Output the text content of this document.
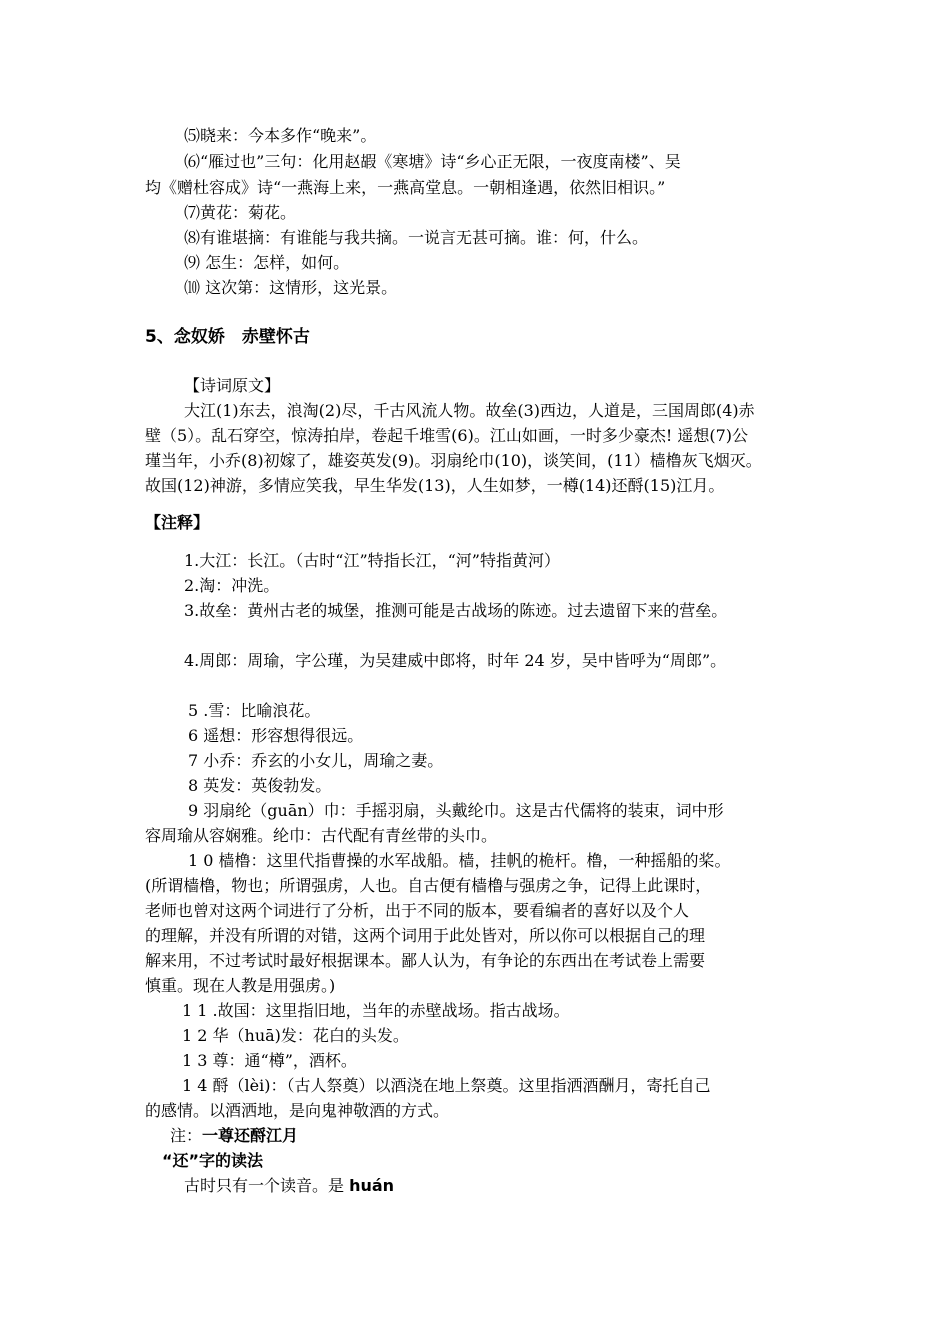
⑸晓来：今本多作“晚来”。
⑹“雁过也”三句：化用赵嘏《寒塘》诗“乡心正无限，一夜度南楼”、吴
均《赠杜容成》诗“一燕海上来，一燕高堂息。一朝相逢遇，依然旧相识。”
⑺黄花：菊花。
⑻有谁堪摘：有谁能与我共摘。一说言无甚可摘。谁：何，什么。
⑼ 怎生：怎样，如何。
⑽ 这次第：这情形，这光景。
5、念奴娇　赤壁怀古
【诗词原文】
大江(1)东去，浪淘(2)尽，千古风流人物。故垒(3)西边，人道是，三国周郎(4)赤
壁（5）。乱石穿空，惊涛拍岸，卷起千堆雪(6)。江山如画，一时多少豪杰! 遥想(7)公
瑾当年，小乔(8)初嫁了，雄姿英发(9)。羽扇纶巾(10)，谈笑间，(11）樯橹灰飞烟灭。
故国(12)神游，多情应笑我，早生华发(13)，人生如梦，一樽(14)还酹(15)江月。
【注释】
1.大江：长江。（古时“江”特指长江，“河”特指黄河）
2.淘：冲洗。
3.故垒：黄州古老的城堡，推测可能是古战场的陈迹。过去遗留下来的营垒。
4.周郎：周瑜，字公瑾，为吴建威中郎将，时年 24 岁，吴中皆呼为“周郎”。
5 .雪：比喻浪花。
6 遥想：形容想得很远。
7 小乔：乔玄的小女儿，周瑜之妻。
8 英发：英俊勃发。
9 羽扇纶（guān）巾：手摇羽扇，头戴纶巾。这是古代儒将的装束，词中形
容周瑜从容娴雅。纶巾：古代配有青丝带的头巾。
1 0 樯橹：这里代指曹操的水军战船。樯，挂帆的桅杆。橹，一种摇船的桨。
(所谓樯橹，物也；所谓强虏，人也。自古便有樯橹与强虏之争，记得上此课时，
老师也曾对这两个词进行了分析，出于不同的版本，要看编者的喜好以及个人
的理解，并没有所谓的对错，这两个词用于此处皆对，所以你可以根据自己的理
解来用，不过考试时最好根据课本。鄙人认为，有争论的东西出在考试卷上需要
慎重。现在人教是用强虏。)
1 1 .故国：这里指旧地，当年的赤壁战场。指古战场。
1 2 华（huā)发：花白的头发。
1 3 尊：通“樽”，酒杯。
1 4 酹（lèi)：（古人祭奠）以酒浇在地上祭奠。这里指洒酒酬月，寄托自己
的感情。以酒洒地，是向鬼神敬酒的方式。
注：一尊还酹江月
“还”字的读法
古时只有一个读音。是 huán
